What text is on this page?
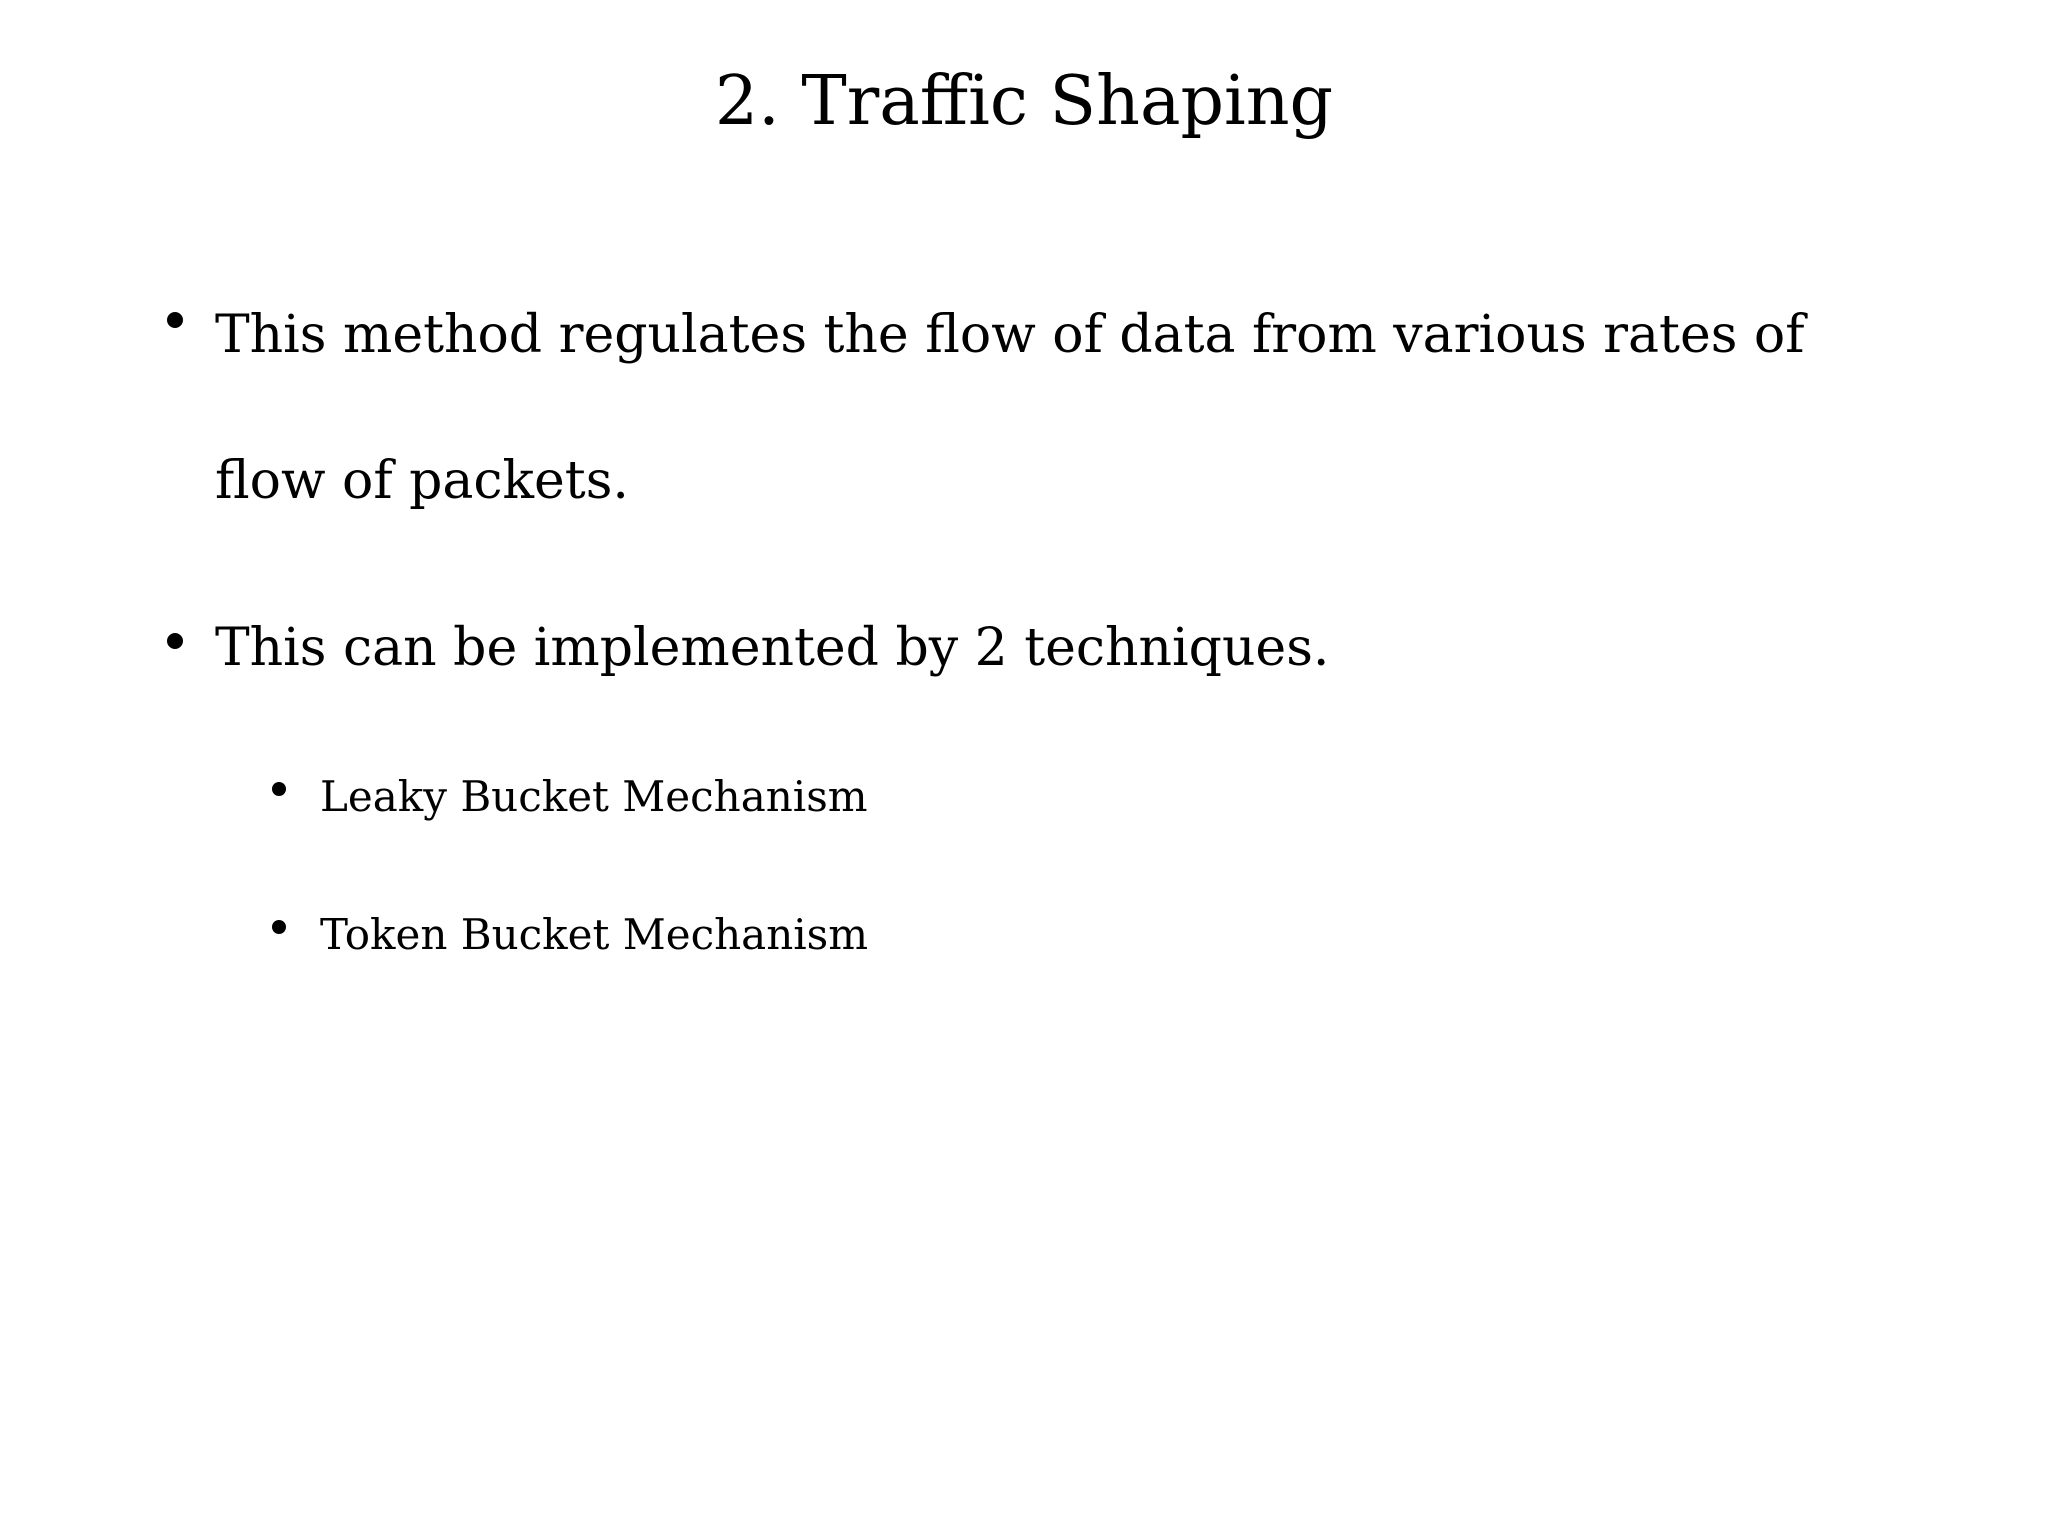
2. Traffic Shaping
This method regulates the flow of data from various rates of flow of packets.
This can be implemented by 2 techniques.
Leaky Bucket Mechanism
Token Bucket Mechanism
